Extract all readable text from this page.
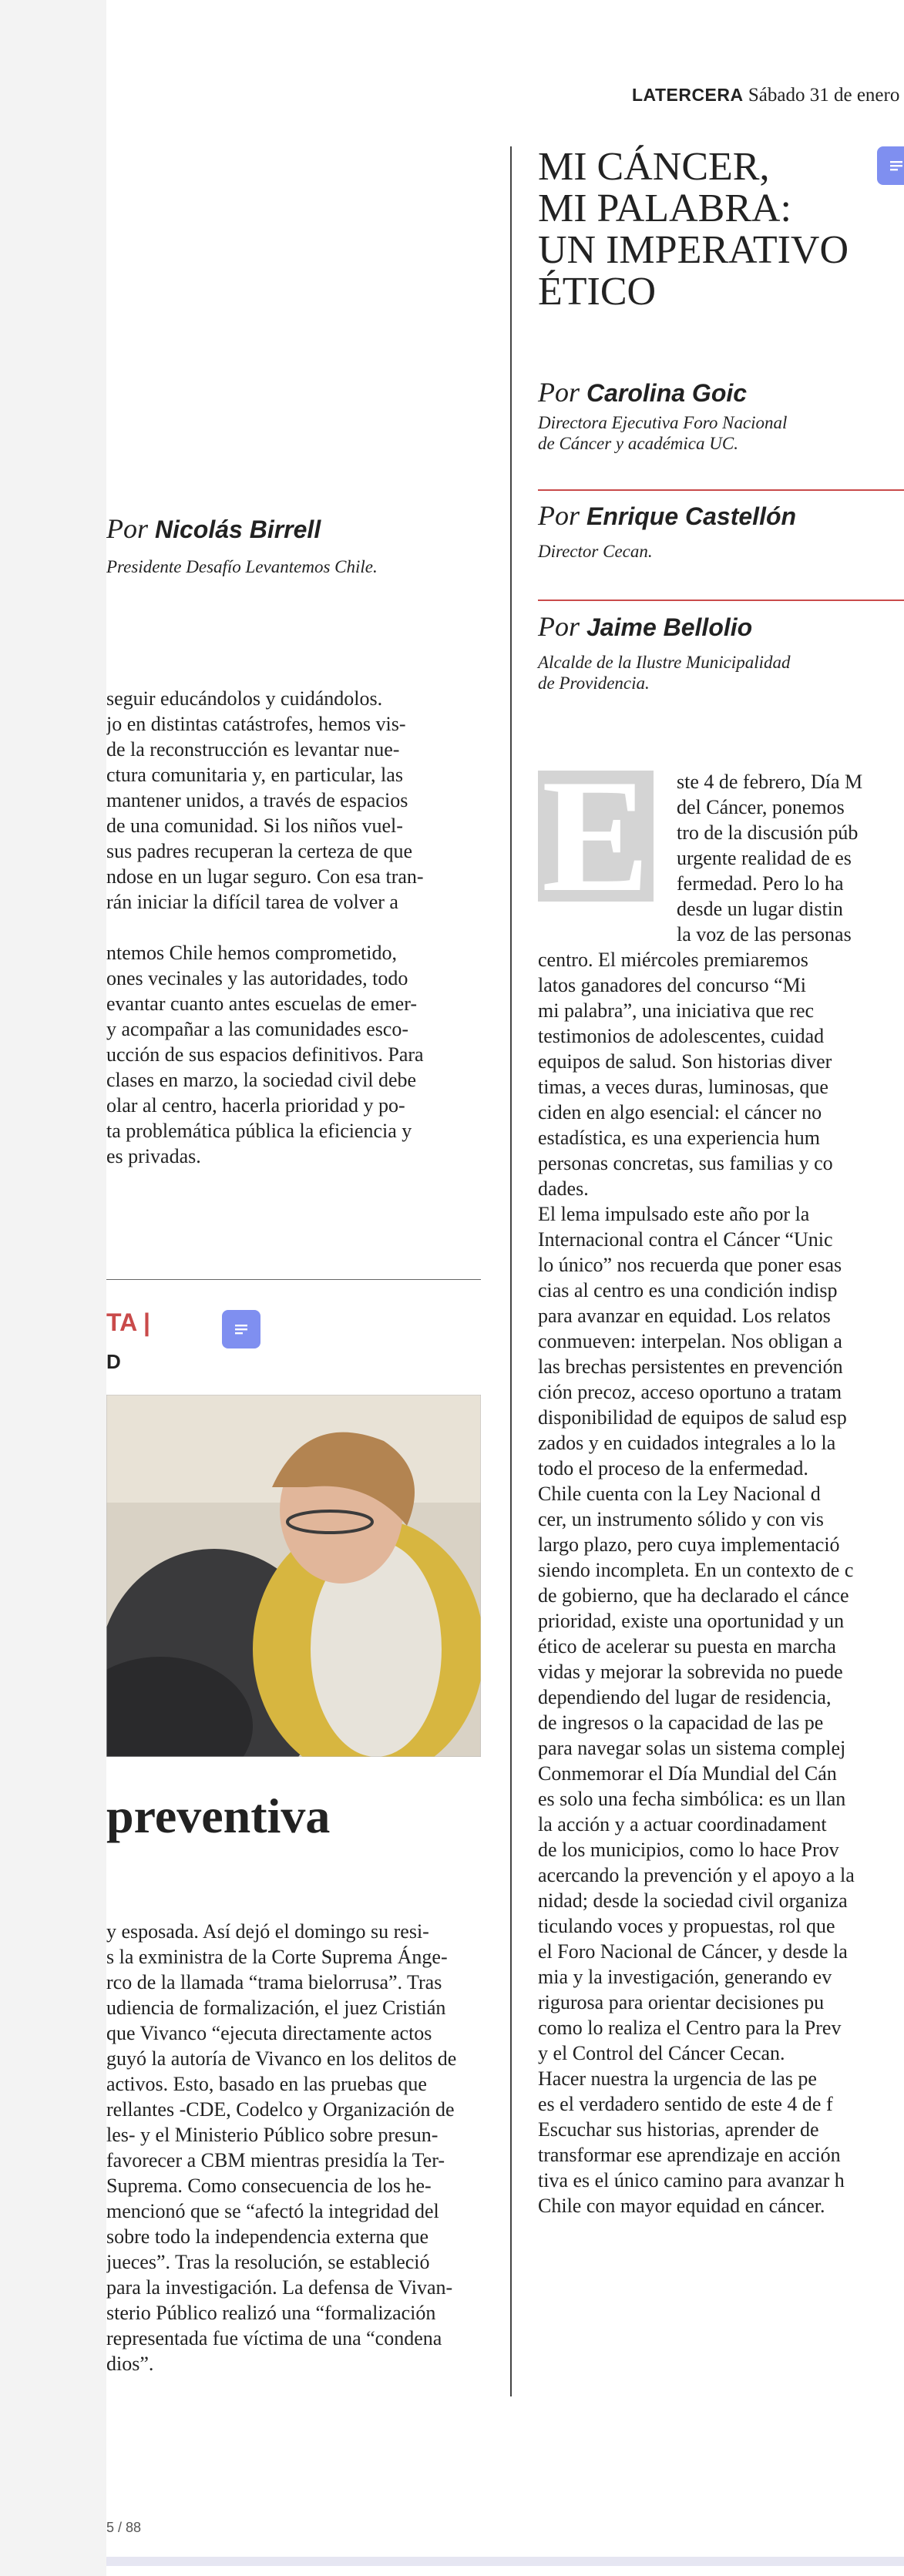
LATERCERA Sábado 31 de enero
MI CÁNCER,
MI PALABRA:
UN IMPERATIVO
ÉTICO
Por Carolina Goic
Directora Ejecutiva Foro Nacional
de Cáncer y académica UC.
Por Enrique Castellón
Director Cecan.
Por Jaime Bellolio
Alcalde de la Ilustre Municipalidad
de Providencia.
E ste 4 de febrero, Día M
del Cáncer, ponemos
tro de la discusión púb
urgente realidad de es
fermedad. Pero lo ha
desde un lugar distin
la voz de las personas
centro. El miércoles premiaremos
latos ganadores del concurso “Mi
mi palabra”, una iniciativa que rec
testimonios de adolescentes, cuidad
equipos de salud. Son historias diver
timas, a veces duras, luminosas, que
ciden en algo esencial: el cáncer no
estadística, es una experiencia hum
personas concretas, sus familias y co
dades.
El lema impulsado este año por la
Internacional contra el Cáncer “Unic
lo único” nos recuerda que poner esas
cias al centro es una condición indisp
para avanzar en equidad. Los relatos
conmueven: interpelan. Nos obligan a
las brechas persistentes en prevención
ción precoz, acceso oportuno a tratam
disponibilidad de equipos de salud esp
zados y en cuidados integrales a lo la
todo el proceso de la enfermedad.
Chile cuenta con la Ley Nacional d
cer, un instrumento sólido y con vis
largo plazo, pero cuya implementació
siendo incompleta. En un contexto de c
de gobierno, que ha declarado el cánce
prioridad, existe una oportunidad y un
ético de acelerar su puesta en marcha
vidas y mejorar la sobrevida no puede
dependiendo del lugar de residencia,
de ingresos o la capacidad de las pe
para navegar solas un sistema complej
Conmemorar el Día Mundial del Cán
es solo una fecha simbólica: es un llan
la acción y a actuar coordinadament
de los municipios, como lo hace Prov
acercando la prevención y el apoyo a la
nidad; desde la sociedad civil organiza
ticulando voces y propuestas, rol que
el Foro Nacional de Cáncer, y desde la
mia y la investigación, generando ev
rigurosa para orientar decisiones pu
como lo realiza el Centro para la Prev
y el Control del Cáncer Cecan.
Hacer nuestra la urgencia de las pe
es el verdadero sentido de este 4 de f
Escuchar sus historias, aprender de
transformar ese aprendizaje en acción
tiva es el único camino para avanzar h
Chile con mayor equidad en cáncer.
Por Nicolás Birrell
Presidente Desafío Levantemos Chile.
seguir educándolos y cuidándolos.
jo en distintas catástrofes, hemos vis-
de la reconstrucción es levantar nue-
ctura comunitaria y, en particular, las
mantener unidos, a través de espacios
de una comunidad. Si los niños vuel-
sus padres recuperan la certeza de que
ndose en un lugar seguro. Con esa tran-
rán iniciar la difícil tarea de volver a
ntemos Chile hemos comprometido,
ones vecinales y las autoridades, todo
evantar cuanto antes escuelas de emer-
y acompañar a las comunidades esco-
ucción de sus espacios definitivos. Para
clases en marzo, la sociedad civil debe
olar al centro, hacerla prioridad y po-
ta problemática pública la eficiencia y
es privadas.
TA |
D
preventiva
y esposada. Así dejó el domingo su resi-
s la exministra de la Corte Suprema Ánge-
rco de la llamada “trama bielorrusa”. Tras
udiencia de formalización, el juez Cristián
que Vivanco “ejecuta directamente actos
guyó la autoría de Vivanco en los delitos de
activos. Esto, basado en las pruebas que
rellantes -CDE, Codelco y Organización de
les- y el Ministerio Público sobre presun-
favorecer a CBM mientras presidía la Ter-
Suprema. Como consecuencia de los he-
mencionó que se “afectó la integridad del
sobre todo la independencia externa que
jueces”. Tras la resolución, se estableció
para la investigación. La defensa de Vivan-
sterio Público realizó una “formalización
representada fue víctima de una “condena
dios”.
5 / 88
